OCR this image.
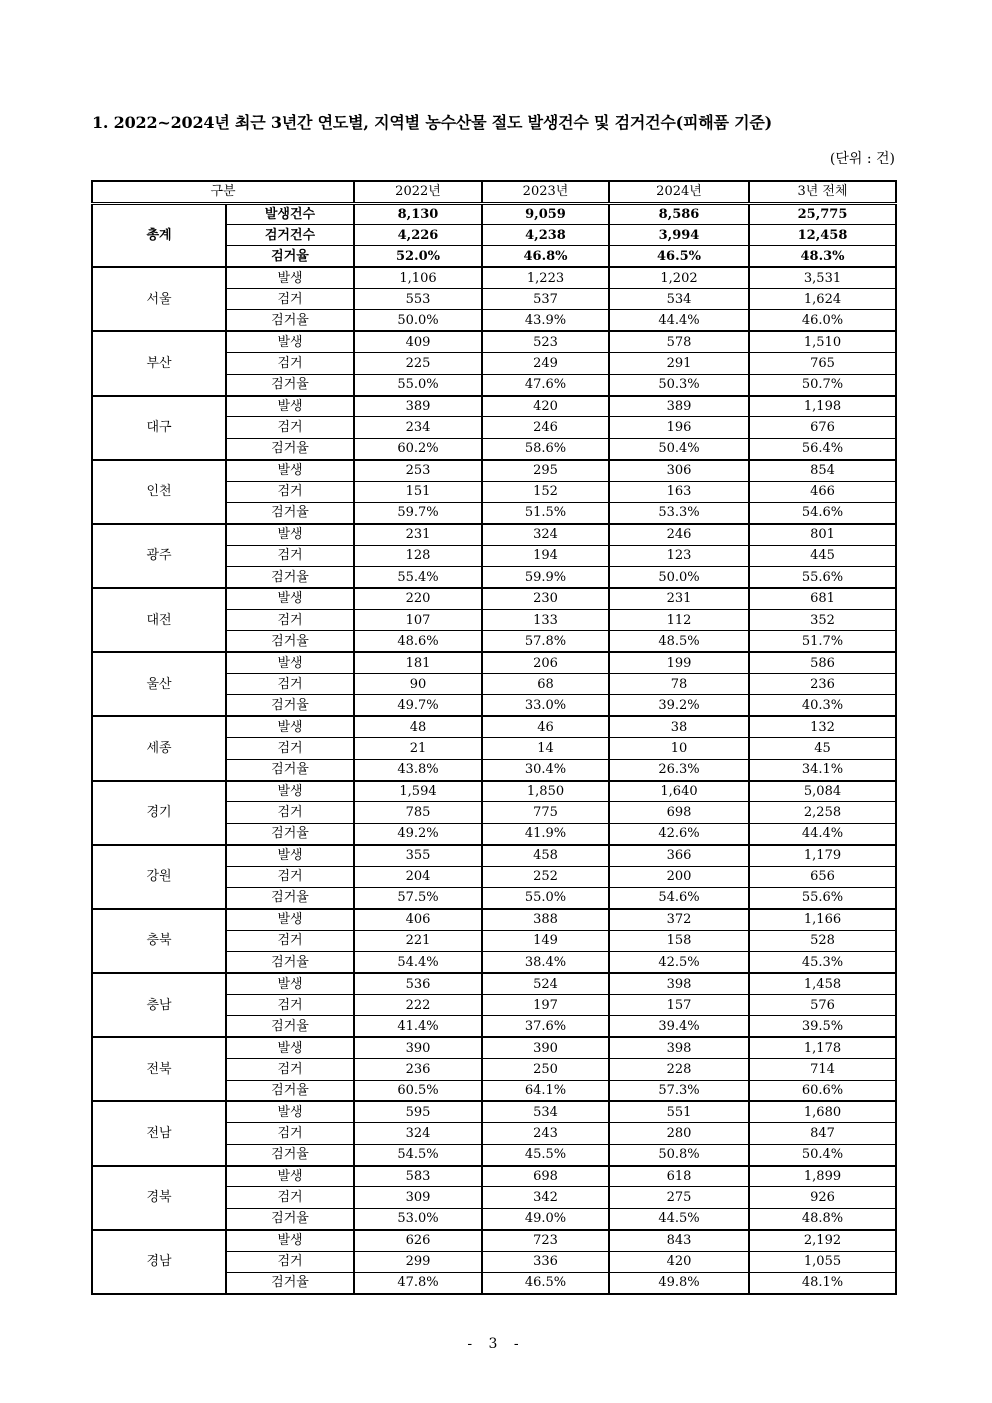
1. 2022~2024년 최근 3년간 연도별, 지역별 농수산물 절도 발생건수 및 검거건수(피해품 기준)
(단위 : 건)
구분		2022년	2023년	2024년	3년 전체
총계	발생건수	8,130	9,059	8,586	25,775
	검거건수	4,226	4,238	3,994	12,458
	검거율	52.0%	46.8%	46.5%	48.3%
서울	발생	1,106	1,223	1,202	3,531
	검거	553	537	534	1,624
	검거율	50.0%	43.9%	44.4%	46.0%
부산	발생	409	523	578	1,510
	검거	225	249	291	765
	검거율	55.0%	47.6%	50.3%	50.7%
대구	발생	389	420	389	1,198
	검거	234	246	196	676
	검거율	60.2%	58.6%	50.4%	56.4%
인천	발생	253	295	306	854
	검거	151	152	163	466
	검거율	59.7%	51.5%	53.3%	54.6%
광주	발생	231	324	246	801
	검거	128	194	123	445
	검거율	55.4%	59.9%	50.0%	55.6%
대전	발생	220	230	231	681
	검거	107	133	112	352
	검거율	48.6%	57.8%	48.5%	51.7%
울산	발생	181	206	199	586
	검거	90	68	78	236
	검거율	49.7%	33.0%	39.2%	40.3%
세종	발생	48	46	38	132
	검거	21	14	10	45
	검거율	43.8%	30.4%	26.3%	34.1%
경기	발생	1,594	1,850	1,640	5,084
	검거	785	775	698	2,258
	검거율	49.2%	41.9%	42.6%	44.4%
강원	발생	355	458	366	1,179
	검거	204	252	200	656
	검거율	57.5%	55.0%	54.6%	55.6%
충북	발생	406	388	372	1,166
	검거	221	149	158	528
	검거율	54.4%	38.4%	42.5%	45.3%
충남	발생	536	524	398	1,458
	검거	222	197	157	576
	검거율	41.4%	37.6%	39.4%	39.5%
전북	발생	390	390	398	1,178
	검거	236	250	228	714
	검거율	60.5%	64.1%	57.3%	60.6%
전남	발생	595	534	551	1,680
	검거	324	243	280	847
	검거율	54.5%	45.5%	50.8%	50.4%
경북	발생	583	698	618	1,899
	검거	309	342	275	926
	검거율	53.0%	49.0%	44.5%	48.8%
경남	발생	626	723	843	2,192
	검거	299	336	420	1,055
	검거율	47.8%	46.5%	49.8%	48.1%
- 3 -
